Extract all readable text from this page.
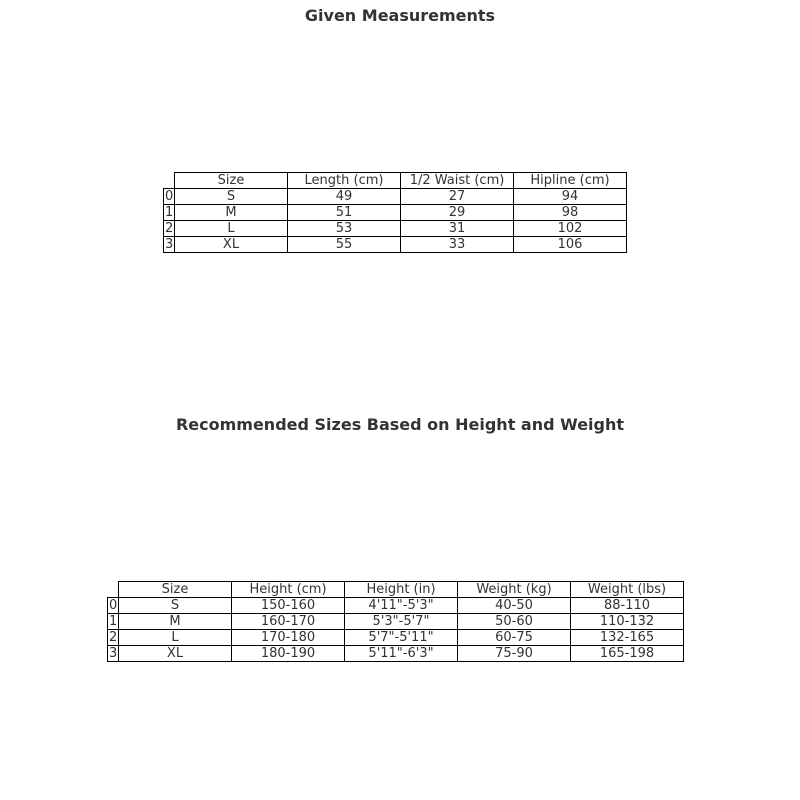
Given Measurements
	Size	Length (cm)	1/2 Waist (cm)	Hipline (cm)
0	S	49	27	94
1	M	51	29	98
2	L	53	31	102
3	XL	55	33	106
Recommended Sizes Based on Height and Weight
	Size	Height (cm)	Height (in)	Weight (kg)	Weight (lbs)
0	S	150-160	4'11"-5'3"	40-50	88-110
1	M	160-170	5'3"-5'7"	50-60	110-132
2	L	170-180	5'7"-5'11"	60-75	132-165
3	XL	180-190	5'11"-6'3"	75-90	165-198
